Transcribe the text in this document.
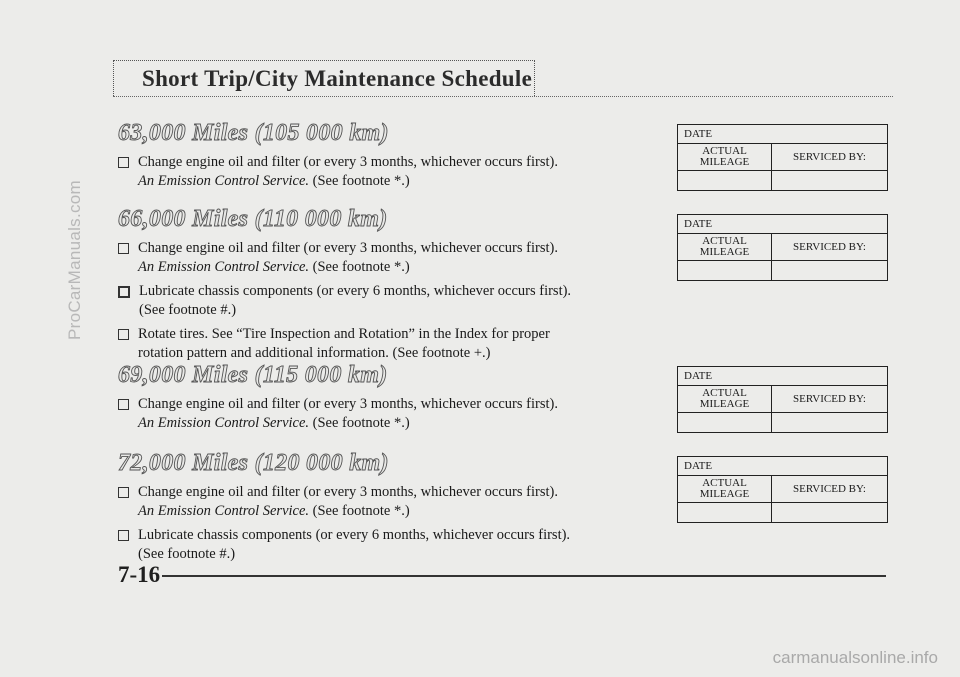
ProCarManuals.com
Short Trip/City Maintenance Schedule
63,000 Miles (105 000 km)
Change engine oil and filter (or every 3 months, whichever occurs first).
An Emission Control Service. (See footnote *.)
66,000 Miles (110 000 km)
Change engine oil and filter (or every 3 months, whichever occurs first).
An Emission Control Service. (See footnote *.)
Lubricate chassis components (or every 6 months, whichever occurs first).
(See footnote #.)
Rotate tires. See “Tire Inspection and Rotation” in the Index for proper
rotation pattern and additional information. (See footnote +.)
69,000 Miles (115 000 km)
Change engine oil and filter (or every 3 months, whichever occurs first).
An Emission Control Service. (See footnote *.)
72,000 Miles (120 000 km)
Change engine oil and filter (or every 3 months, whichever occurs first).
An Emission Control Service. (See footnote *.)
Lubricate chassis components (or every 6 months, whichever occurs first).
(See footnote #.)
DATE	
ACTUAL
MILEAGE	SERVICED BY:

DATE	
ACTUAL
MILEAGE	SERVICED BY:

DATE	
ACTUAL
MILEAGE	SERVICED BY:

DATE	
ACTUAL
MILEAGE	SERVICED BY:

7-16
carmanualsonline.info
